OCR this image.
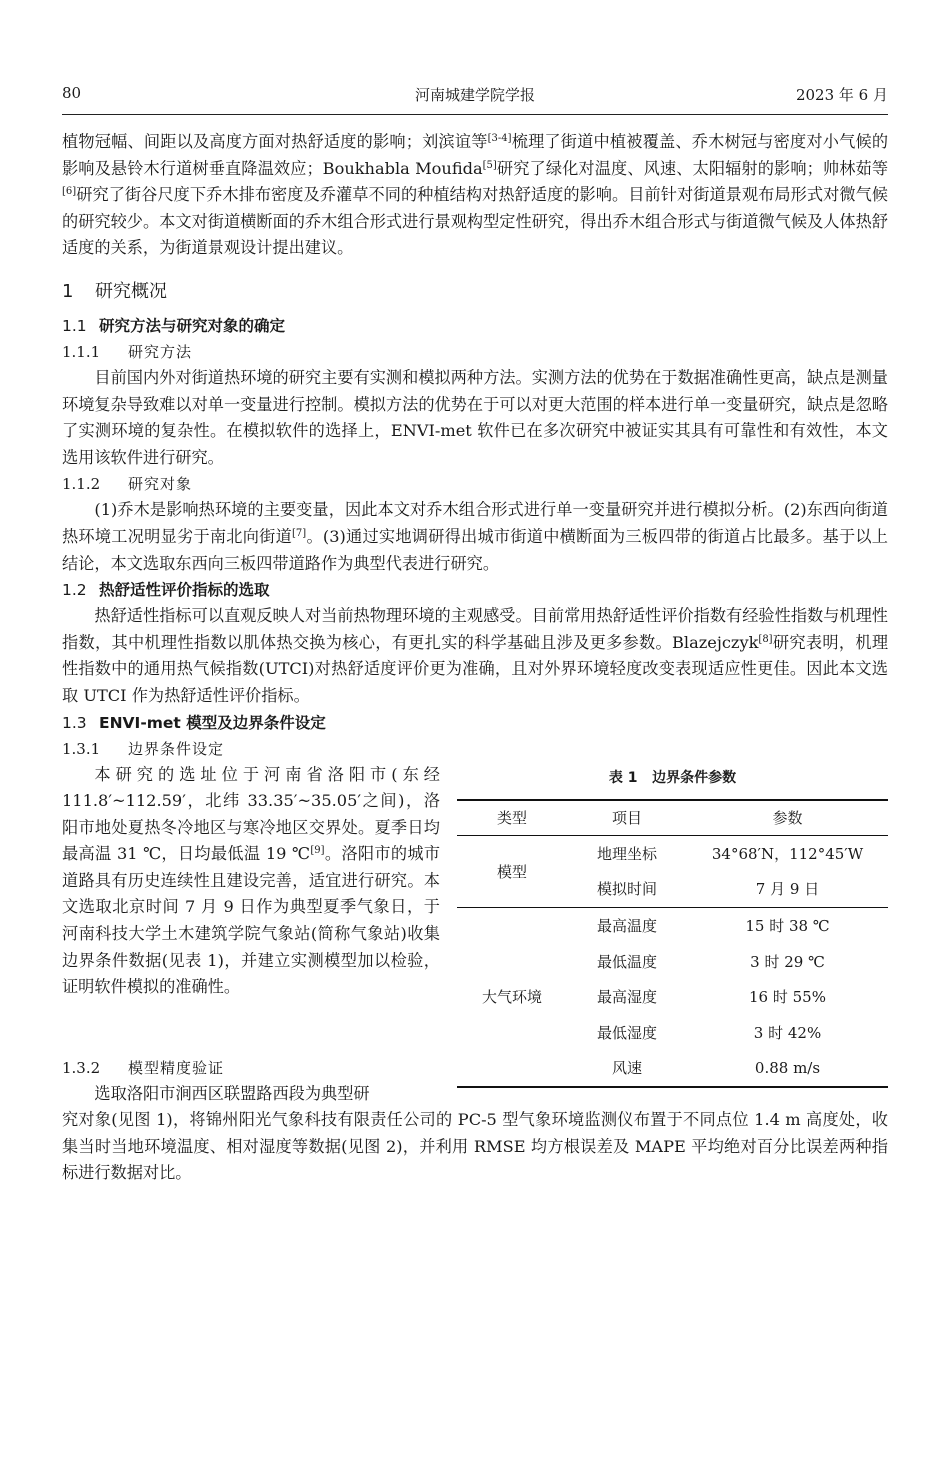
河南城建学院学报
80	2023 年 6 月

植物冠幅、间距以及高度方面对热舒适度的影响；刘滨谊等[3-4]梳理了街道中植被覆盖、乔木树冠与密度对小气候的影响及悬铃木行道树垂直降温效应；Boukhabla Moufida[5]研究了绿化对温度、风速、太阳辐射的影响；帅林茹等[6]研究了街谷尺度下乔木排布密度及乔灌草不同的种植结构对热舒适度的影响。目前针对街道景观布局形式对微气候的研究较少。本文对街道横断面的乔木组合形式进行景观构型定性研究，得出乔木组合形式与街道微气候及人体热舒适度的关系，为街道景观设计提出建议。

1 研究概况
1.1 研究方法与研究对象的确定
1.1.1 研究方法

目前国内外对街道热环境的研究主要有实测和模拟两种方法。实测方法的优势在于数据准确性更高，缺点是测量环境复杂导致难以对单一变量进行控制。模拟方法的优势在于可以对更大范围的样本进行单一变量研究，缺点是忽略了实测环境的复杂性。在模拟软件的选择上，ENVI-met 软件已在多次研究中被证实其具有可靠性和有效性，本文选用该软件进行研究。

1.1.2 研究对象

(1)乔木是影响热环境的主要变量，因此本文对乔木组合形式进行单一变量研究并进行模拟分析。(2)东西向街道热环境工况明显劣于南北向街道[7]。(3)通过实地调研得出城市街道中横断面为三板四带的街道占比最多。基于以上结论，本文选取东西向三板四带道路作为典型代表进行研究。

1.2 热舒适性评价指标的选取

热舒适性指标可以直观反映人对当前热物理环境的主观感受。目前常用热舒适性评价指数有经验性指数与机理性指数，其中机理性指数以肌体热交换为核心，有更扎实的科学基础且涉及更多参数。Blazejczyk[8]研究表明，机理性指数中的通用热气候指数(UTCI)对热舒适度评价更为准确，且对外界环境轻度改变表现适应性更佳。因此本文选取 UTCI 作为热舒适性评价指标。

1.3 ENVI-met 模型及边界条件设定
1.3.1 边界条件设定

本研究的选址位于河南省洛阳市(东经 111.8′~112.59′，北纬 33.35′~35.05′之间)，洛阳市地处夏热冬冷地区与寒冷地区交界处。夏季日均最高温 31 ℃，日均最低温 19 ℃[9]。洛阳市的城市道路具有历史连续性且建设完善，适宜进行研究。本文选取北京时间 7 月 9 日作为典型夏季气象日，于河南科技大学土木建筑学院气象站(简称气象站)收集边界条件数据(见表 1)，并建立实测模型加以检验，证明软件模拟的准确性。

表 1 边界条件参数
类型	项目	参数
模型	地理坐标	34°68′N，112°45′W
	模拟时间	7 月 9 日
大气环境	最高温度	15 时 38 ℃
	最低温度	3 时 29 ℃
	最高湿度	16 时 55%
	最低湿度	3 时 42%
	风速	0.88 m/s
1.3.2 模型精度验证

选取洛阳市涧西区联盟路西段为典型研

究对象(见图 1)，将锦州阳光气象科技有限责任公司的 PC-5 型气象环境监测仪布置于不同点位 1.4 m 高度处，收集当时当地环境温度、相对湿度等数据(见图 2)，并利用 RMSE 均方根误差及 MAPE 平均绝对百分比误差两种指标进行数据对比。
